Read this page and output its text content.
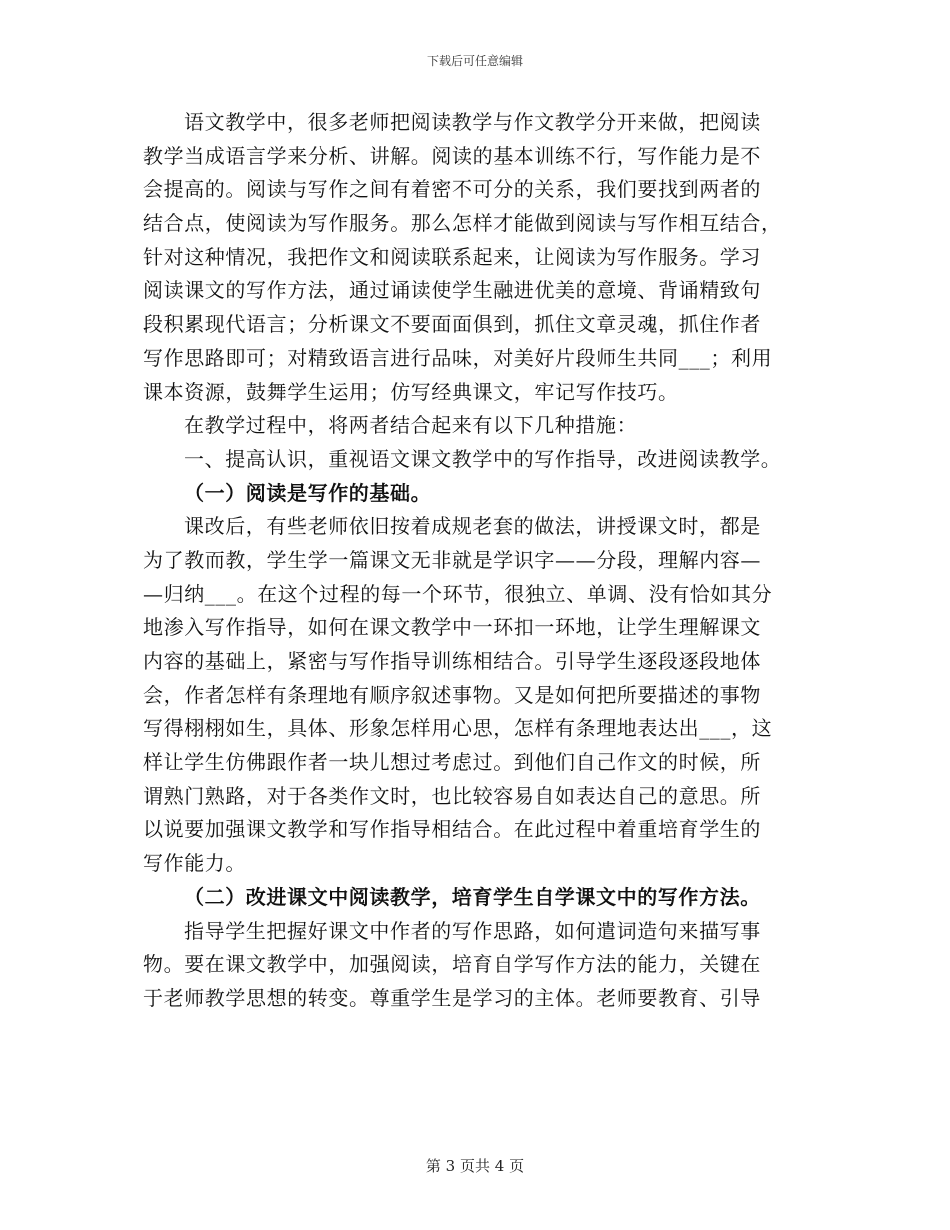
下载后可任意编辑
语文教学中，很多老师把阅读教学与作文教学分开来做，把阅读
教学当成语言学来分析、讲解。阅读的基本训练不行，写作能力是不
会提高的。阅读与写作之间有着密不可分的关系，我们要找到两者的
结合点，使阅读为写作服务。那么怎样才能做到阅读与写作相互结合，
针对这种情况，我把作文和阅读联系起来，让阅读为写作服务。学习
阅读课文的写作方法，通过诵读使学生融进优美的意境、背诵精致句
段积累现代语言；分析课文不要面面俱到，抓住文章灵魂，抓住作者
写作思路即可；对精致语言进行品味，对美好片段师生共同___；利用
课本资源，鼓舞学生运用；仿写经典课文，牢记写作技巧。
在教学过程中，将两者结合起来有以下几种措施：
一、提高认识，重视语文课文教学中的写作指导，改进阅读教学。
（一）阅读是写作的基础。
课改后，有些老师依旧按着成规老套的做法，讲授课文时，都是
为了教而教，学生学一篇课文无非就是学识字——分段，理解内容—
—归纳___。在这个过程的每一个环节，很独立、单调、没有恰如其分
地渗入写作指导，如何在课文教学中一环扣一环地，让学生理解课文
内容的基础上，紧密与写作指导训练相结合。引导学生逐段逐段地体
会，作者怎样有条理地有顺序叙述事物。又是如何把所要描述的事物
写得栩栩如生，具体、形象怎样用心思，怎样有条理地表达出___，这
样让学生仿佛跟作者一块儿想过考虑过。到他们自己作文的时候，所
谓熟门熟路，对于各类作文时，也比较容易自如表达自己的意思。所
以说要加强课文教学和写作指导相结合。在此过程中着重培育学生的
写作能力。
（二）改进课文中阅读教学，培育学生自学课文中的写作方法。
指导学生把握好课文中作者的写作思路，如何遣词造句来描写事
物。要在课文教学中，加强阅读，培育自学写作方法的能力，关键在
于老师教学思想的转变。尊重学生是学习的主体。老师要教育、引导
第 3 页共 4 页
